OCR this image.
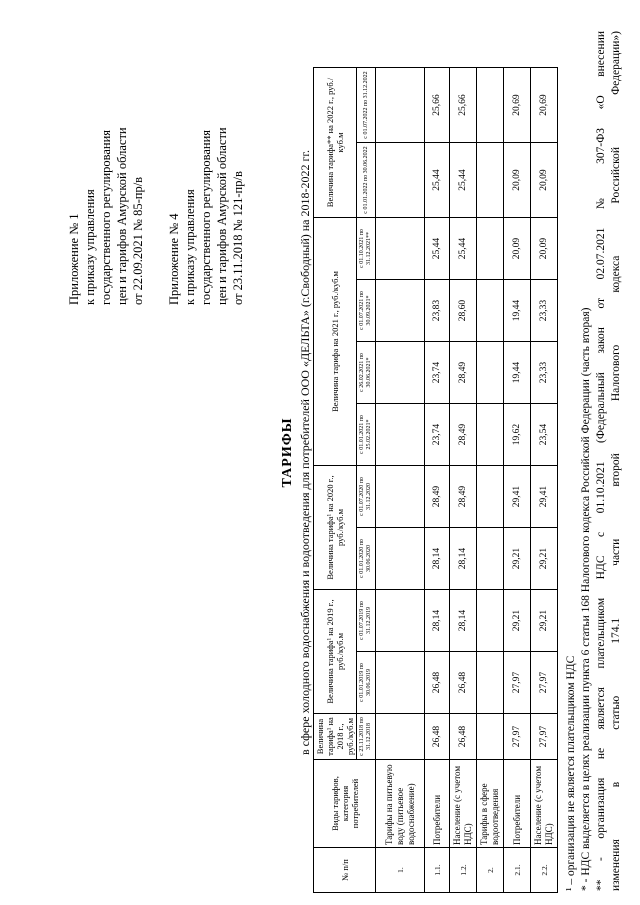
Приложение № 1 к приказу управления государственного регулирования цен и тарифов Амурской области от 22.09.2021 № 85-пр/в Приложение № 4 к приказу управления государственного регулирования цен и тарифов Амурской области от 23.11.2018 № 121-пр/в
ТАРИФЫ в сфере холодного водоснабжения и водоотведения для потребителей ООО «ДЕЛЬТА» (г.Свободный) на 2018-2022 гг.
№ п/п	Виды тарифов, категория потребителей	Величина тарифа¹ на 2018 г., руб./куб.м	Величина тарифа¹ на 2019 г., руб./куб.м		Величина тарифа¹ на 2020 г., руб./куб.м		Величина тарифа на 2021 г., руб./куб.м				Величина тарифа** на 2022 г., руб./куб.м	
		с 23.11.2018 по 31.12.2018	с 01.01.2019 по 30.06.2019	с 01.07.2019 по 31.12.2019	с 01.01.2020 по 30.06.2020	с 01.07.2020 по 31.12.2020	с 01.01.2021 по 25.02.2021*	с 26.02.2021 по 30.06.2021*	с 01.07.2021 по 30.09.2021*	с 01.10.2021 по 31.12.2021**	с 01.01.2022 по 30.06.2022	с 01.07.2022 по 31.12.2022
1.	Тарифы на питьевую воду (питьевое водоснабжение)											
1.1.	Потребители	26,48	26,48	28,14	28,14	28,49	23,74	23,74	23,83	25,44	25,44	25,66
1.2.	Население (с учетом НДС)	26,48	26,48	28,14	28,14	28,49	28,49	28,49	28,60	25,44	25,44	25,66
2.	Тарифы в сфере водоотведения											
2.1.	Потребители	27,97	27,97	29,21	29,21	29,41	19,62	19,44	19,44	20,09	20,09	20,69
2.2.	Население (с учетом НДС)	27,97	27,97	29,21	29,21	29,41	23,54	23,33	23,33	20,09	20,09	20,69
¹ – организация не является плательщиком НДС * - НДС выделяется в целях реализации пункта 6 статьи 168 Налогового кодекса Российской Федерации (часть вторая) ** - организация не является плательщиком НДС с 01.10.2021 (Федеральный закон от 02.07.2021 № 307-ФЗ «О внесении изменения в статью 174.1 части второй Налогового кодекса Российской Федерации»)
